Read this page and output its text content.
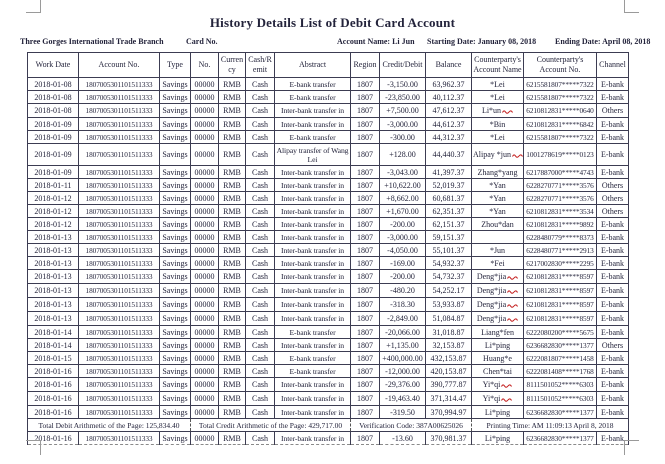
History Details List of Debit Card Account
Three Gorges International Trade Branch	Card No.	Account Name: Li Jun Starting Date: January 08, 2018 Ending Date: April 08, 2018
Work Date	Account No.	Type	No.	Currency	Cash/Remit	Abstract	Region	Credit/Debit	Balance	Counterparty's Account Name	Counterparty's Account No.	Channel
2018-01-08	1807005301101511333	Savings	00000	RMB	Cash	E-bank transfer	1807	-3,150.00	63,962.37	*Lei	6215581807*****7322	E-bank
2018-01-08	1807005301101511333	Savings	00000	RMB	Cash	E-bank transfer	1807	-23,850.00	40,112.37	*Lei	6215581807*****7322	E-bank
2018-01-08	1807005301101511333	Savings	00000	RMB	Cash	Inter-bank transfer in	1807	+7,500.00	47,612.37	Li*un	6210812831*****0640	Others
2018-01-09	1807005301101511333	Savings	00000	RMB	Cash	Inter-bank transfer in	1807	-3,000.00	44,612.37	*Bin	6210812831*****6842	E-bank
2018-01-09	1807005301101511333	Savings	00000	RMB	Cash	E-bank transfer	1807	-300.00	44,312.37	*Lei	6215581807*****7322	E-bank
2018-01-09	1807005301101511333	Savings	00000	RMB	Cash	Alipay transfer of Wang Lei	1807	+128.00	44,440.37	Alipay *jun	1001278619*****0123	E-bank
2018-01-09	1807005301101511333	Savings	00000	RMB	Cash	Inter-bank transfer in	1807	-3,043.00	41,397.37	Zhang*yang	6217887000*****4743	E-bank
2018-01-11	1807005301101511333	Savings	00000	RMB	Cash	Inter-bank transfer in	1807	+10,622.00	52,019.37	*Yan	6228270771*****3576	Others
2018-01-12	1807005301101511333	Savings	00000	RMB	Cash	Inter-bank transfer in	1807	+8,662.00	60,681.37	*Yan	6228270771*****3576	Others
2018-01-12	1807005301101511333	Savings	00000	RMB	Cash	Inter-bank transfer in	1807	+1,670.00	62,351.37	*Yan	6210812831*****3534	Others
2018-01-12	1807005301101511333	Savings	00000	RMB	Cash	Inter-bank transfer in	1807	-200.00	62,151.37	Zhou*dan	6210812831*****9892	E-bank
2018-01-13	1807005301101511333	Savings	00000	RMB	Cash	Inter-bank transfer in	1807	-3,000.00	59,151.37		6228480779*****8373	E-bank
2018-01-13	1807005301101511333	Savings	00000	RMB	Cash	Inter-bank transfer in	1807	-4,050.00	55,101.37	*Jun	6228480771*****2913	E-bank
2018-01-13	1807005301101511333	Savings	00000	RMB	Cash	Inter-bank transfer in	1807	-169.00	54,932.37	*Fei	6217002830*****2295	E-bank
2018-01-13	1807005301101511333	Savings	00000	RMB	Cash	Inter-bank transfer in	1807	-200.00	54,732.37	Deng*jia	6210812831*****8597	E-bank
2018-01-13	1807005301101511333	Savings	00000	RMB	Cash	Inter-bank transfer in	1807	-480.20	54,252.17	Deng*jia	6210812831*****8597	E-bank
2018-01-13	1807005301101511333	Savings	00000	RMB	Cash	Inter-bank transfer in	1807	-318.30	53,933.87	Deng*jia	6210812831*****8597	E-bank
2018-01-13	1807005301101511333	Savings	00000	RMB	Cash	Inter-bank transfer in	1807	-2,849.00	51,084.87	Deng*jia	6210812831*****8597	E-bank
2018-01-14	1807005301101511333	Savings	00000	RMB	Cash	E-bank transfer	1807	-20,066.00	31,018.87	Liang*fen	6222080200*****5675	E-bank
2018-01-14	1807005301101511333	Savings	00000	RMB	Cash	Inter-bank transfer in	1807	+1,135.00	32,153.87	Li*ping	6236682830*****1377	Others
2018-01-15	1807005301101511333	Savings	00000	RMB	Cash	E-bank transfer	1807	+400,000.00	432,153.87	Huang*e	6222081807*****1458	E-bank
2018-01-16	1807005301101511333	Savings	00000	RMB	Cash	E-bank transfer	1807	-12,000.00	420,153.87	Chen*tai	6222081408*****1768	E-bank
2018-01-16	1807005301101511333	Savings	00000	RMB	Cash	Inter-bank transfer in	1807	-29,376.00	390,777.87	Yi*qi	8111501052*****6303	E-bank
2018-01-16	1807005301101511333	Savings	00000	RMB	Cash	Inter-bank transfer in	1807	-19,463.40	371,314.47	Yi*qi	8111501052*****6303	E-bank
2018-01-16	1807005301101511333	Savings	00000	RMB	Cash	Inter-bank transfer in	1807	-319.50	370,994.97	Li*ping	6236682830*****1377	E-bank
Total Debit Arithmetic of the Page: 125,834.40			Total Credit Arithmetic of the Page: 429,717.00				Verification Code: 387A00625026			Printing Time: AM 11:09:13 April 8, 2018		
2018-01-16	1807005301101511333	Savings	00000	RMB	Cash	Inter-bank transfer in	1807	-13.60	370,981.37	Li*ping	6236682830*****1377	E-bank
